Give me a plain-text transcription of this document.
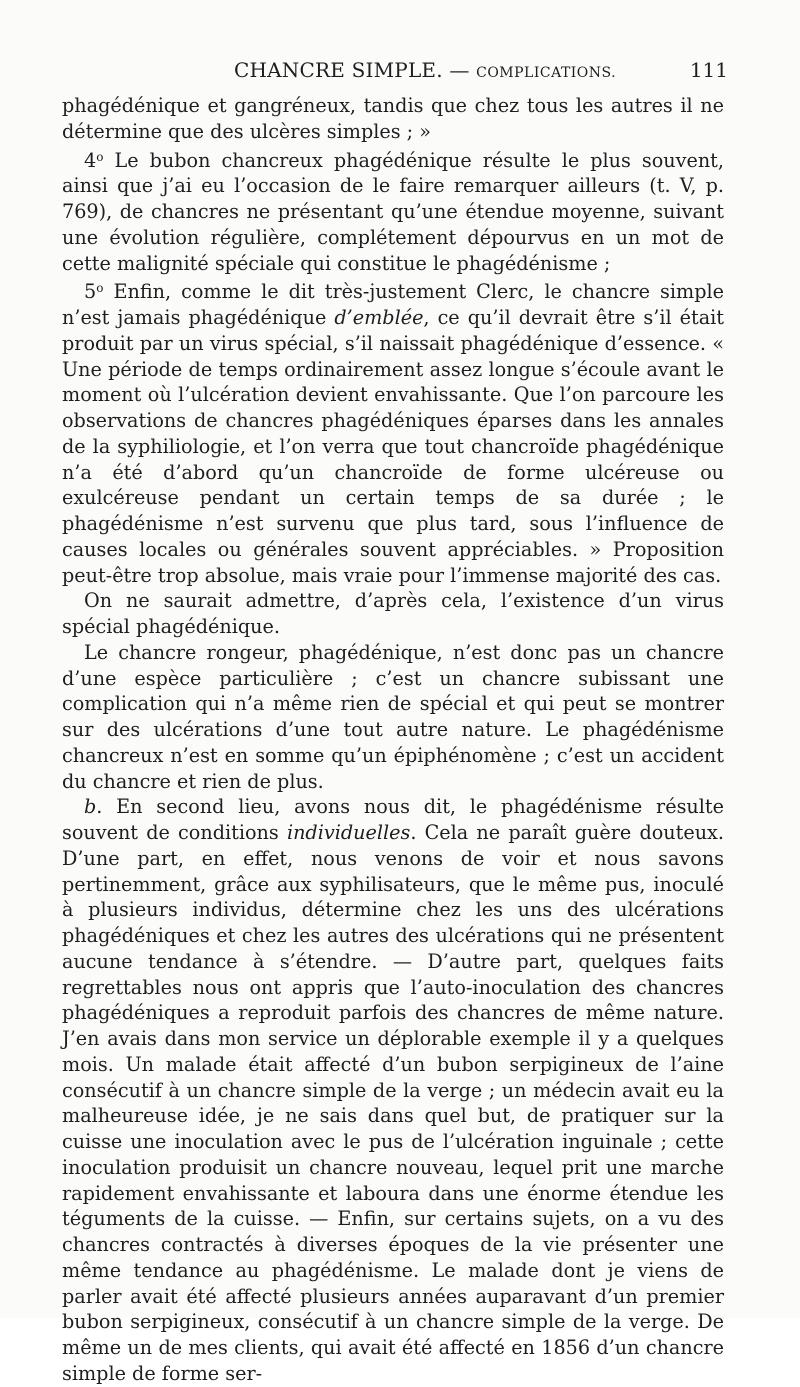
CHANCRE SIMPLE. — COMPLICATIONS.	111

phagédénique et gangréneux, tandis que chez tous les autres il ne détermine que des ulcères simples ; »

4$^o$ Le bubon chancreux phagédénique résulte le plus souvent, ainsi que j’ai eu l’occasion de le faire remarquer ailleurs (t. V, p. 769), de chancres ne présentant qu’une étendue moyenne, suivant une évolution régulière, complétement dépourvus en un mot de cette malignité spéciale qui constitue le phagédénisme ;

5$^o$ Enfin, comme le dit très-justement Clerc, le chancre simple n’est jamais phagédénique d’emblée, ce qu’il devrait être s’il était produit par un virus spécial, s’il naissait phagédénique d’essence. « Une période de temps ordinairement assez longue s’écoule avant le moment où l’ulcération devient envahissante. Que l’on parcoure les observations de chancres phagédéniques éparses dans les annales de la syphiliologie, et l’on verra que tout chancroïde phagédénique n’a été d’abord qu’un chancroïde de forme ulcéreuse ou exulcéreuse pendant un certain temps de sa durée ; le phagédénisme n’est survenu que plus tard, sous l’influence de causes locales ou générales souvent appréciables. » Proposition peut-être trop absolue, mais vraie pour l’immense majorité des cas.

On ne saurait admettre, d’après cela, l’existence d’un virus spécial phagédénique.

Le chancre rongeur, phagédénique, n’est donc pas un chancre d’une espèce particulière ; c’est un chancre subissant une complication qui n’a même rien de spécial et qui peut se montrer sur des ulcérations d’une tout autre nature. Le phagédénisme chancreux n’est en somme qu’un épiphénomène ; c’est un accident du chancre et rien de plus.

b. En second lieu, avons nous dit, le phagédénisme résulte souvent de conditions individuelles. Cela ne paraît guère douteux. D’une part, en effet, nous venons de voir et nous savons pertinemment, grâce aux syphilisateurs, que le même pus, inoculé à plusieurs individus, détermine chez les uns des ulcérations phagédéniques et chez les autres des ulcérations qui ne présentent aucune tendance à s’étendre. — D’autre part, quelques faits regrettables nous ont appris que l’auto-inoculation des chancres phagédéniques a reproduit parfois des chancres de même nature. J’en avais dans mon service un déplorable exemple il y a quelques mois. Un malade était affecté d’un bubon serpigineux de l’aine consécutif à un chancre simple de la verge ; un médecin avait eu la malheureuse idée, je ne sais dans quel but, de pratiquer sur la cuisse une inoculation avec le pus de l’ulcération inguinale ; cette inoculation produisit un chancre nouveau, lequel prit une marche rapidement envahissante et laboura dans une énorme étendue les téguments de la cuisse. — Enfin, sur certains sujets, on a vu des chancres contractés à diverses époques de la vie présenter une même tendance au phagédénisme. Le malade dont je viens de parler avait été affecté plusieurs années auparavant d’un premier bubon serpigineux, consécutif à un chancre simple de la verge. De même un de mes clients, qui avait été affecté en 1856 d’un chancre simple de forme ser-
